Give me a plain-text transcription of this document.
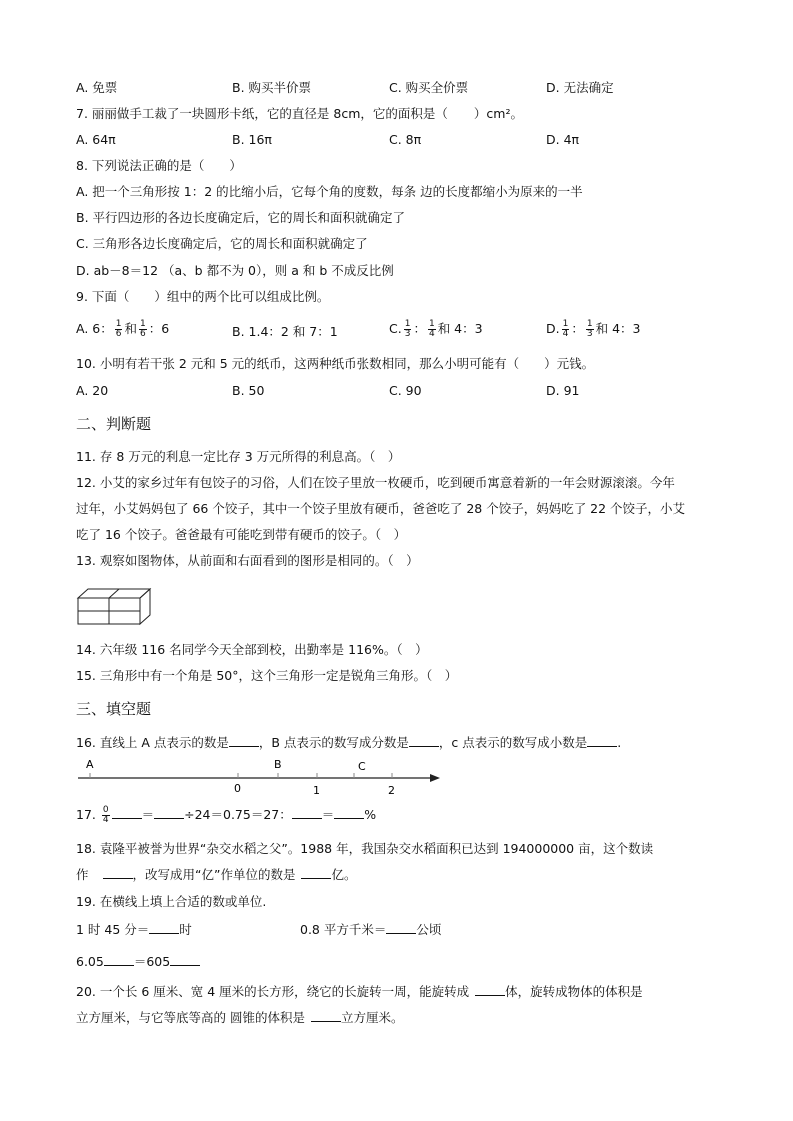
A. 免票	B. 购买半价票	C. 购买全价票	D. 无法确定
7. 丽丽做手工裁了一块圆形卡纸，它的直径是 8cm，它的面积是（ ）cm²。
A. 64π	B. 16π	C. 8π	D. 4π
8. 下列说法正确的是（　　）
A. 把一个三角形按 1：2 的比缩小后，它每个角的度数，每条 边的长度都缩小为原来的一半
B. 平行四边形的各边长度确定后，它的周长和面积就确定了
C. 三角形各边长度确定后，它的周长和面积就确定了
D. ab－8＝12 （a、b 都不为 0），则 a 和 b 不成反比例
9. 下面（　　）组中的两个比可以组成比例。
A. 6： $\frac{1}{6}$ 和 $\frac{1}{6}$ ：6	B. 1.4：2 和 7：1	C. $\frac{1}{3}$ ： $\frac{1}{4}$ 和 4：3	D. $\frac{1}{4}$ ： $\frac{1}{3}$ 和 4：3
10. 小明有若干张 2 元和 5 元的纸币，这两种纸币张数相同，那么小明可能有（　　）元钱。
A. 20	B. 50	C. 90	D. 91
二、判断题
11. 存 8 万元的利息一定比存 3 万元所得的利息高。（　）
12. 小艾的家乡过年有包饺子的习俗，人们在饺子里放一枚硬币，吃到硬币寓意着新的一年会财源滚滚。今年
过年，小艾妈妈包了 66 个饺子，其中一个饺子里放有硬币，爸爸吃了 28 个饺子，妈妈吃了 22 个饺子，小艾
吃了 16 个饺子。爸爸最有可能吃到带有硬币的饺子。（　）
13. 观察如图物体，从前面和右面看到的图形是相同的。（　）
14. 六年级 116 名同学今天全部到校，出勤率是 116%。（　）
15. 三角形中有一个角是 50°，这个三角形一定是锐角三角形。（　）
三、填空题
16. 直线上 A 点表示的数是 ，B 点表示的数写成分数是 ，c 点表示的数写成小数是 .
A	B	C
0	1	2
17. $\frac{0}{4}$	＝ ÷24＝0.75＝27： ＝ %
18. 袁隆平被誉为世界“杂交水稻之父”。1988 年，我国杂交水稻面积已达到 194000000 亩，这个数读
作	，改写成用“亿”作单位的数是	亿。
19. 在横线上填上合适的数或单位.
1 时 45 分＝ 时	0.8 平方千米＝ 公顷
6.05 ＝605
20. 一个长 6 厘米、宽 4 厘米的长方形，绕它的长旋转一周，能旋转成	体，旋转成物体的体积是
立方厘米，与它等底等高的 圆锥的体积是	立方厘米。
